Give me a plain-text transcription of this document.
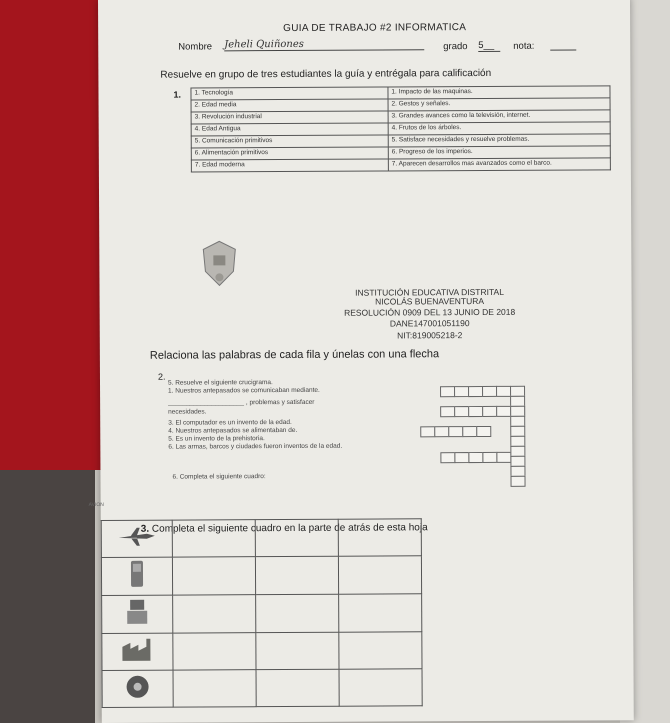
GUIA DE TRABAJO #2 INFORMATICA
Nombre Jeheli Quiñones	grado 5__	nota:
Resuelve en grupo de tres estudiantes la guía y entrégala para calificación
1. 1. Tecnología	1. Impacto de las maquinas.
2. Edad media	2. Gestos y señales.
3. Revolución industrial	3. Grandes avances como la televisión, internet.
4. Edad Antigua	4. Frutos de los árboles.
5. Comunicación primitivos	5. Satisface necesidades y resuelve problemas.
6. Alimentación primitivos	6. Progreso de los imperios.
7. Edad moderna	7. Aparecen desarrollos mas avanzados como el barco.
INSTITUCIÓN EDUCATIVA DISTRITAL
NICOLÁS BUENAVENTURA
RESOLUCIÓN 0909 DEL 13 JUNIO DE 2018
DANE147001051190
NIT:819005218-2
Relaciona las palabras de cada fila y únelas con una flecha
2.
5. Resuelve el siguiente crucigrama.
1. Nuestros antepasados se comunicaban mediante.
_____________________ , problemas y satisfacer
necesidades.
3. El computador es un invento de la edad.
4. Nuestros antepasados se alimentaban de.
5. Es un invento de la prehistoria.
6. Las armas, barcos y ciudades fueron inventos de la edad.
6. Completa el siguiente cuadro:
AVION
3. Completa el siguiente cuadro en la parte de atrás de esta hoja
